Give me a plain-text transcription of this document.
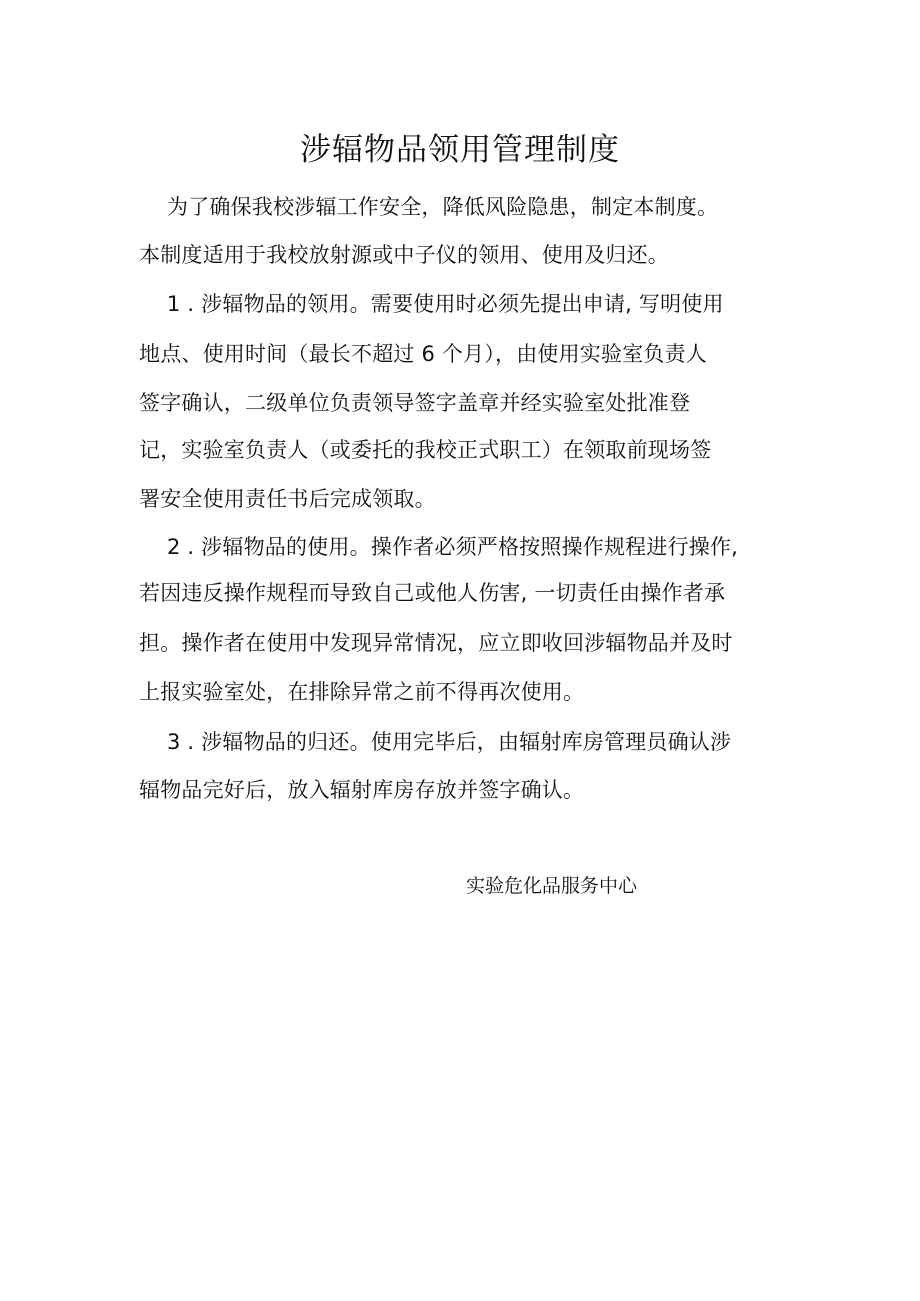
涉辐物品领用管理制度
为了确保我校涉辐工作安全，降低风险隐患，制定本制度。
本制度适用于我校放射源或中子仪的领用、使用及归还。
1 . 涉辐物品的领用。需要使用时必须先提出申请, 写明使用
地点、使用时间（最长不超过 6 个月），由使用实验室负责人
签字确认，二级单位负责领导签字盖章并经实验室处批准登
记，实验室负责人（或委托的我校正式职工）在领取前现场签
署安全使用责任书后完成领取。
2 . 涉辐物品的使用。操作者必须严格按照操作规程进行操作,
若因违反操作规程而导致自己或他人伤害, 一切责任由操作者承
担。操作者在使用中发现异常情况，应立即收回涉辐物品并及时
上报实验室处，在排除异常之前不得再次使用。
3 . 涉辐物品的归还。使用完毕后，由辐射库房管理员确认涉
辐物品完好后，放入辐射库房存放并签字确认。
实验危化品服务中心
